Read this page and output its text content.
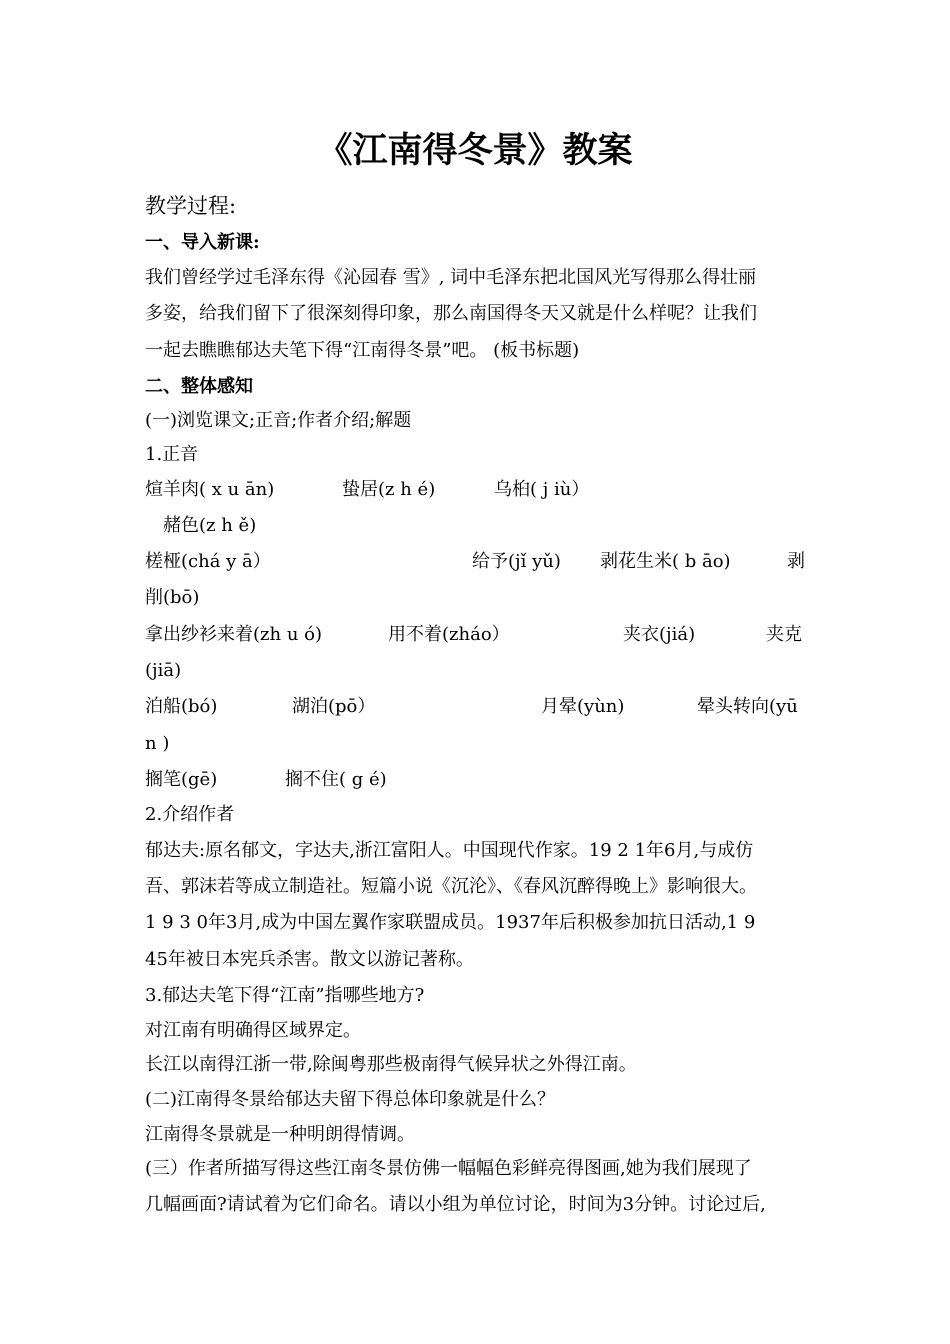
《江南得冬景》教案
教学过程:
一、导入新课:
我们曾经学过毛泽东得《沁园春 雪》, 词中毛泽东把北国风光写得那么得壮丽
多姿，给我们留下了很深刻得印象，那么南国得冬天又就是什么样呢？让我们
一起去瞧瞧郁达夫笔下得“江南得冬景”吧。 (板书标题)
二、整体感知
(一)浏览课文;正音;作者介绍;解题
1.正音
煊羊肉( x u ān)	蛰居(z h é)	乌桕( j iù）
赭色(z h ě)
槎桠(chá y ā）	给予(jǐ yǔ) 剥花生米( b āo)	剥
削(bō)
拿出纱衫来着(zh u ó)	用不着(zháo）	夹衣(jiá)	夹克
(jiā)
泊船(bó)	湖泊(pō）	月晕(yùn)	晕头转向(yū
n )
搁笔(gē)	搁不住( g é)
2.介绍作者
郁达夫:原名郁文，字达夫,浙江富阳人。中国现代作家。19 2 1年6月,与成仿
吾、郭沫若等成立制造社。短篇小说《沉沦》、《春风沉醉得晚上》影响很大。
1 9 3 0年3月,成为中国左翼作家联盟成员。1937年后积极参加抗日活动,1 9
45年被日本宪兵杀害。散文以游记著称。
3.郁达夫笔下得“江南”指哪些地方?
对江南有明确得区域界定。
长江以南得江浙一带,除闽粤那些极南得气候异状之外得江南。
(二)江南得冬景给郁达夫留下得总体印象就是什么？
江南得冬景就是一种明朗得情调。
(三）作者所描写得这些江南冬景仿佛一幅幅色彩鲜亮得图画,她为我们展现了
几幅画面?请试着为它们命名。请以小组为单位讨论，时间为3分钟。讨论过后,
